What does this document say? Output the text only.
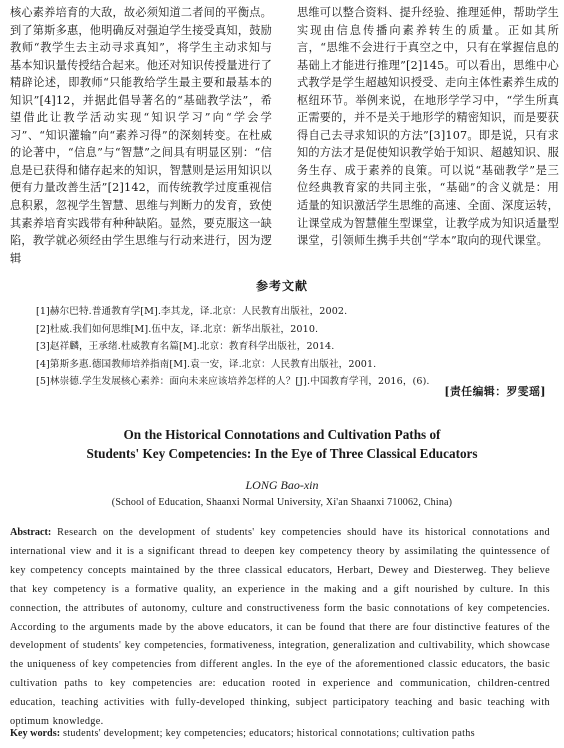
核心素养培育的大敌，故必须知道二者间的平衡点。到了第斯多惠，他明确反对强迫学生接受真知，鼓励教师“教学生去主动寻求真知”，将学生主动求知与基本知识量传授结合起来。他还对知识传授量进行了精辟论述，即教师“只能教给学生最主要和最基本的知识”[4]12，并据此倡导著名的“基础教学法”，希望借此让教学活动实现“知识学习”向“学会学习”、“知识灌输”向“素养习得”的深刻转变。在杜威的论著中，“信息”与“智慧”之间具有明显区别：“信息是已获得和储存起来的知识，智慧则是运用知识以便有力量改善生活”[2]142，而传统教学过度重视信息积累，忽视学生智慧、思维与判断力的发育，致使其素养培育实践带有种种缺陷。显然，要克服这一缺陷，教学就必须经由学生思维与行动来进行，因为逻辑

思维可以整合资料、提升经验、推理延伸，帮助学生实现由信息传播向素养转生的质量。正如其所言，“思维不会进行于真空之中，只有在掌握信息的基础上才能进行推理”[2]145。可以看出，思维中心式教学是学生超越知识授受、走向主体性素养生成的枢纽环节。举例来说，在地形学学习中，“学生所真正需要的，并不是关于地形学的精密知识，而是要获得自己去寻求知识的方法”[3]107。即是说，只有求知的方法才是促使知识教学始于知识、超越知识、服务生存、成于素养的良策。可以说“基础教学”是三位经典教育家的共同主张，“基础”的含义就是：用适量的知识激活学生思维的高速、全面、深度运转，让课堂成为智慧催生型课堂，让教学成为知识适量型课堂，引领师生携手共创“学本”取向的现代课堂。

参考文献
[1]赫尔巴特.普通教育学[M].李其龙，译.北京：人民教育出版社，2002.
[2]杜威.我们如何思维[M].伍中友，译.北京：新华出版社，2010.
[3]赵祥麟，王承绪.杜威教育名篇[M].北京：教育科学出版社，2014.
[4]第斯多惠.德国教师培养指南[M].袁一安，译.北京：人民教育出版社，2001.
[5]林崇德.学生发展核心素养：面向未来应该培养怎样的人？[J].中国教育学刊，2016，(6).
[责任编辑：罗雯瑶]
On the Historical Connotations and Cultivation Paths of
Students' Key Competencies: In the Eye of Three Classical Educators
LONG Bao-xin
(School of Education, Shaanxi Normal University, Xi'an Shaanxi 710062, China)
Abstract: Research on the development of students' key competencies should have its historical connotations and international view and it is a significant thread to deepen key competency theory by assimilating the quintessence of key competency concepts maintained by the three classical educators, Herbart, Dewey and Diesterweg. They believe that key competency is a formative quality, an experience in the making and a gift nourished by culture. In this connection, the attributes of autonomy, culture and constructiveness form the basic connotations of key competencies. According to the arguments made by the above educators, it can be found that there are four distinctive features of the development of students' key competencies, formativeness, integration, generalization and cultivability, which showcase the uniqueness of key competencies from different angles. In the eye of the aforementioned classic educators, the basic cultivation paths to key competencies are: education rooted in experience and communication, children-centred education, teaching activities with fully-developed thinking, subject participatory teaching and basic teaching with optimum knowledge.
Key words: students' development; key competencies; educators; historical connotations; cultivation paths
